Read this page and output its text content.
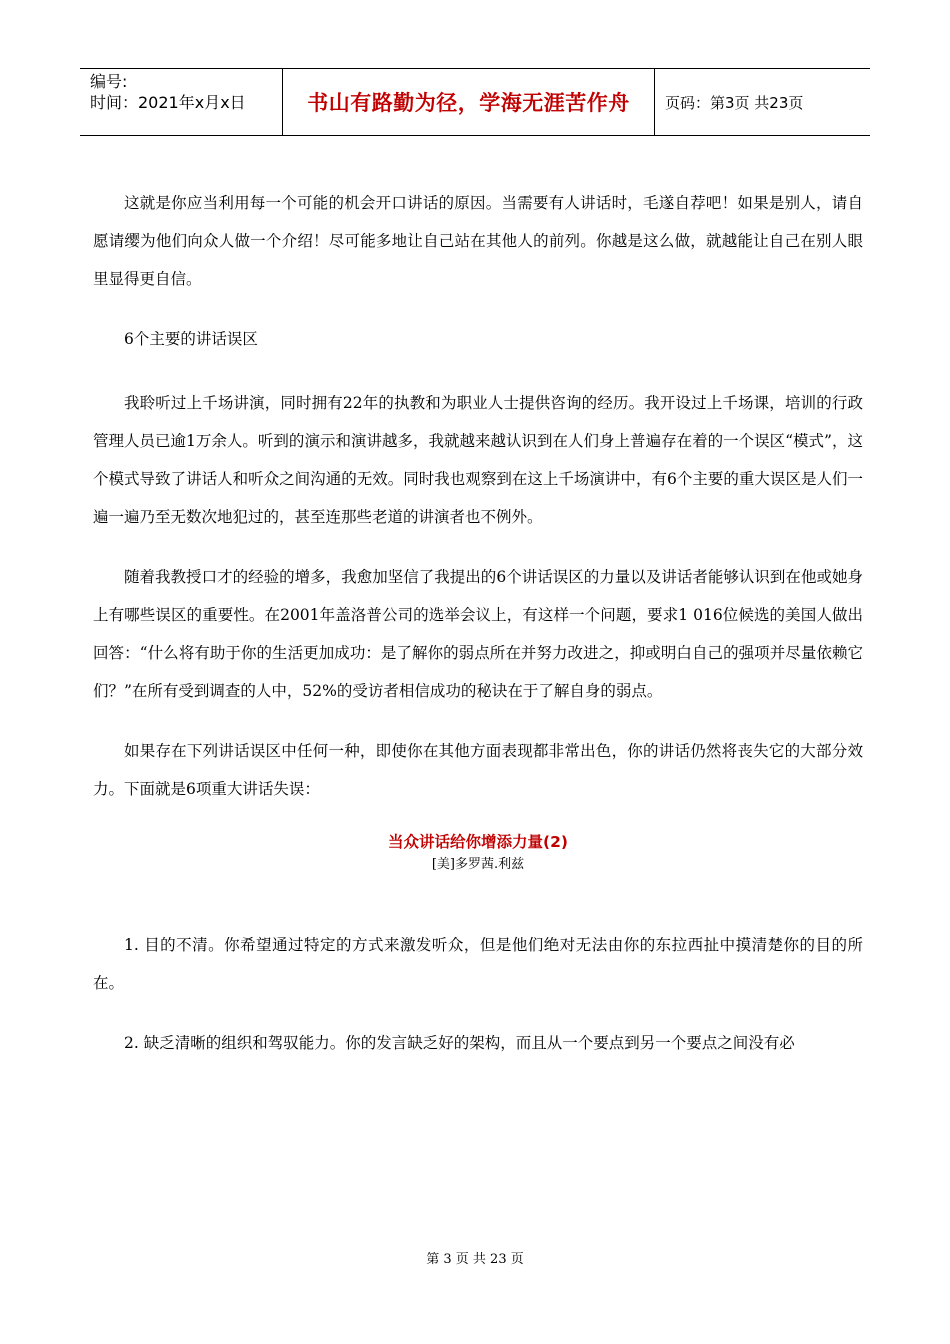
编号:
时间：2021年x月x日	书山有路勤为径，学海无涯苦作舟	页码：第3页 共23页

这就是你应当利用每一个可能的机会开口讲话的原因。当需要有人讲话时，毛遂自荐吧！如果是别人，请自愿请缨为他们向众人做一个介绍！尽可能多地让自己站在其他人的前列。你越是这么做，就越能让自己在别人眼里显得更自信。

6个主要的讲话误区

我聆听过上千场讲演，同时拥有22年的执教和为职业人士提供咨询的经历。我开设过上千场课，培训的行政管理人员已逾1万余人。听到的演示和演讲越多，我就越来越认识到在人们身上普遍存在着的一个误区“模式”，这个模式导致了讲话人和听众之间沟通的无效。同时我也观察到在这上千场演讲中，有6个主要的重大误区是人们一遍一遍乃至无数次地犯过的，甚至连那些老道的讲演者也不例外。

随着我教授口才的经验的增多，我愈加坚信了我提出的6个讲话误区的力量以及讲话者能够认识到在他或她身上有哪些误区的重要性。在2001年盖洛普公司的选举会议上，有这样一个问题，要求1 016位候选的美国人做出回答：“什么将有助于你的生活更加成功：是了解你的弱点所在并努力改进之，抑或明白自己的强项并尽量依赖它们？”在所有受到调查的人中，52%的受访者相信成功的秘诀在于了解自身的弱点。

如果存在下列讲话误区中任何一种，即使你在其他方面表现都非常出色，你的讲话仍然将丧失它的大部分效力。下面就是6项重大讲话失误：

当众讲话给你增添力量(2)
[美]多罗茜.利兹

1. 目的不清。你希望通过特定的方式来激发听众，但是他们绝对无法由你的东拉西扯中摸清楚你的目的所在。

2. 缺乏清晰的组织和驾驭能力。你的发言缺乏好的架构，而且从一个要点到另一个要点之间没有必

第 3 页 共 23 页
